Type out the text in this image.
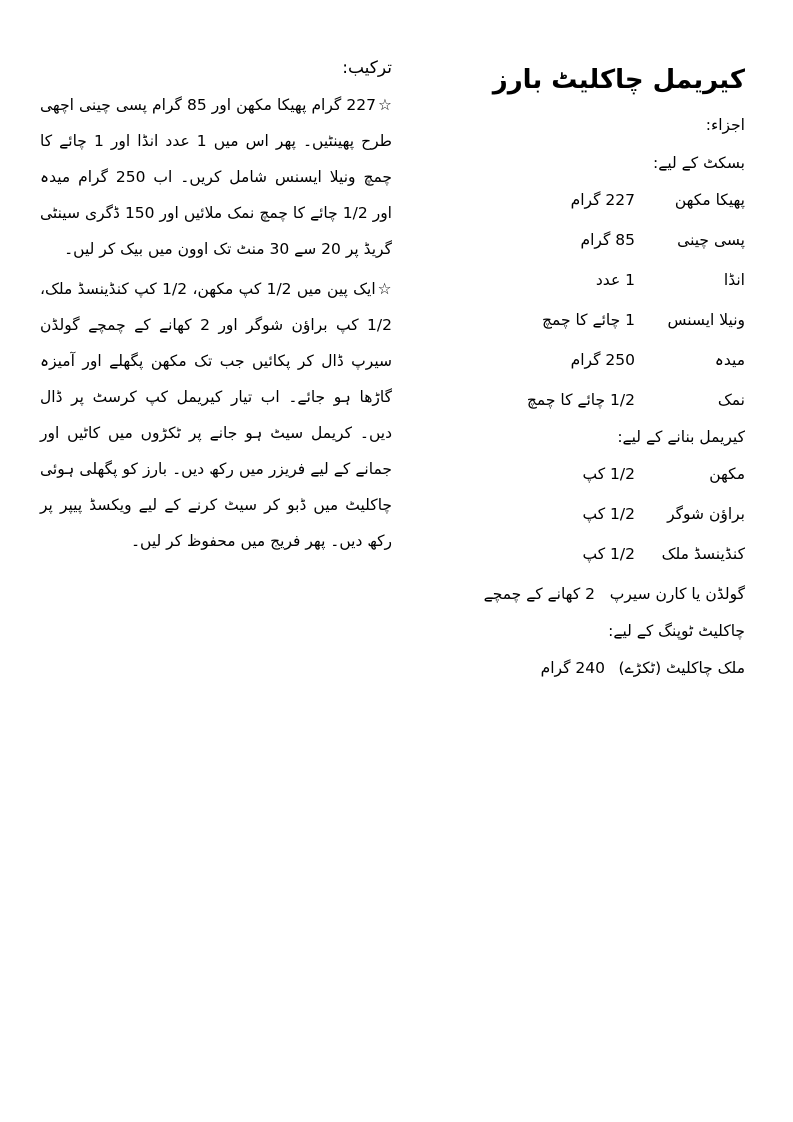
کیریمل چاکلیٹ بارز
اجزاء:
بسکٹ کے لیے:
پھیکا مکھن
227 گرام
پسی چینی
85 گرام
انڈا
1 عدد
ونیلا ایسنس
1 چائے کا چمچ
میدہ
250 گرام
نمک
1/2 چائے کا چمچ
کیریمل بنانے کے لیے:
مکھن
1/2 کپ
براؤن شوگر
1/2 کپ
کنڈینسڈ ملک
1/2 کپ
گولڈن یا کارن سیرپ
2 کھانے کے چمچے
چاکلیٹ ٹوپنگ کے لیے:
ملک چاکلیٹ (ٹکڑے)
240 گرام
ترکیب:

☆227 گرام پھیکا مکھن اور 85 گرام پسی چینی اچھی طرح پھینٹیں۔ پھر اس میں 1 عدد انڈا اور 1 چائے کا چمچ ونیلا ایسنس شامل کریں۔ اب 250 گرام میدہ اور 1/2 چائے کا چمچ نمک ملائیں اور 150 ڈگری سینٹی گریڈ پر 20 سے 30 منٹ تک اوون میں بیک کر لیں۔

☆ایک پین میں 1/2 کپ مکھن، 1/2 کپ کنڈینسڈ ملک، 1/2 کپ براؤن شوگر اور 2 کھانے کے چمچے گولڈن سیرپ ڈال کر پکائیں جب تک مکھن پگھلے اور آمیزہ گاڑھا ہو جائے۔ اب تیار کیریمل کپ کرسٹ پر ڈال دیں۔ کریمل سیٹ ہو جانے پر ٹکڑوں میں کاٹیں اور جمانے کے لیے فریزر میں رکھ دیں۔ بارز کو پگھلی ہوئی چاکلیٹ میں ڈبو کر سیٹ کرنے کے لیے ویکسڈ پیپر پر رکھ دیں۔ پھر فریج میں محفوظ کر لیں۔
